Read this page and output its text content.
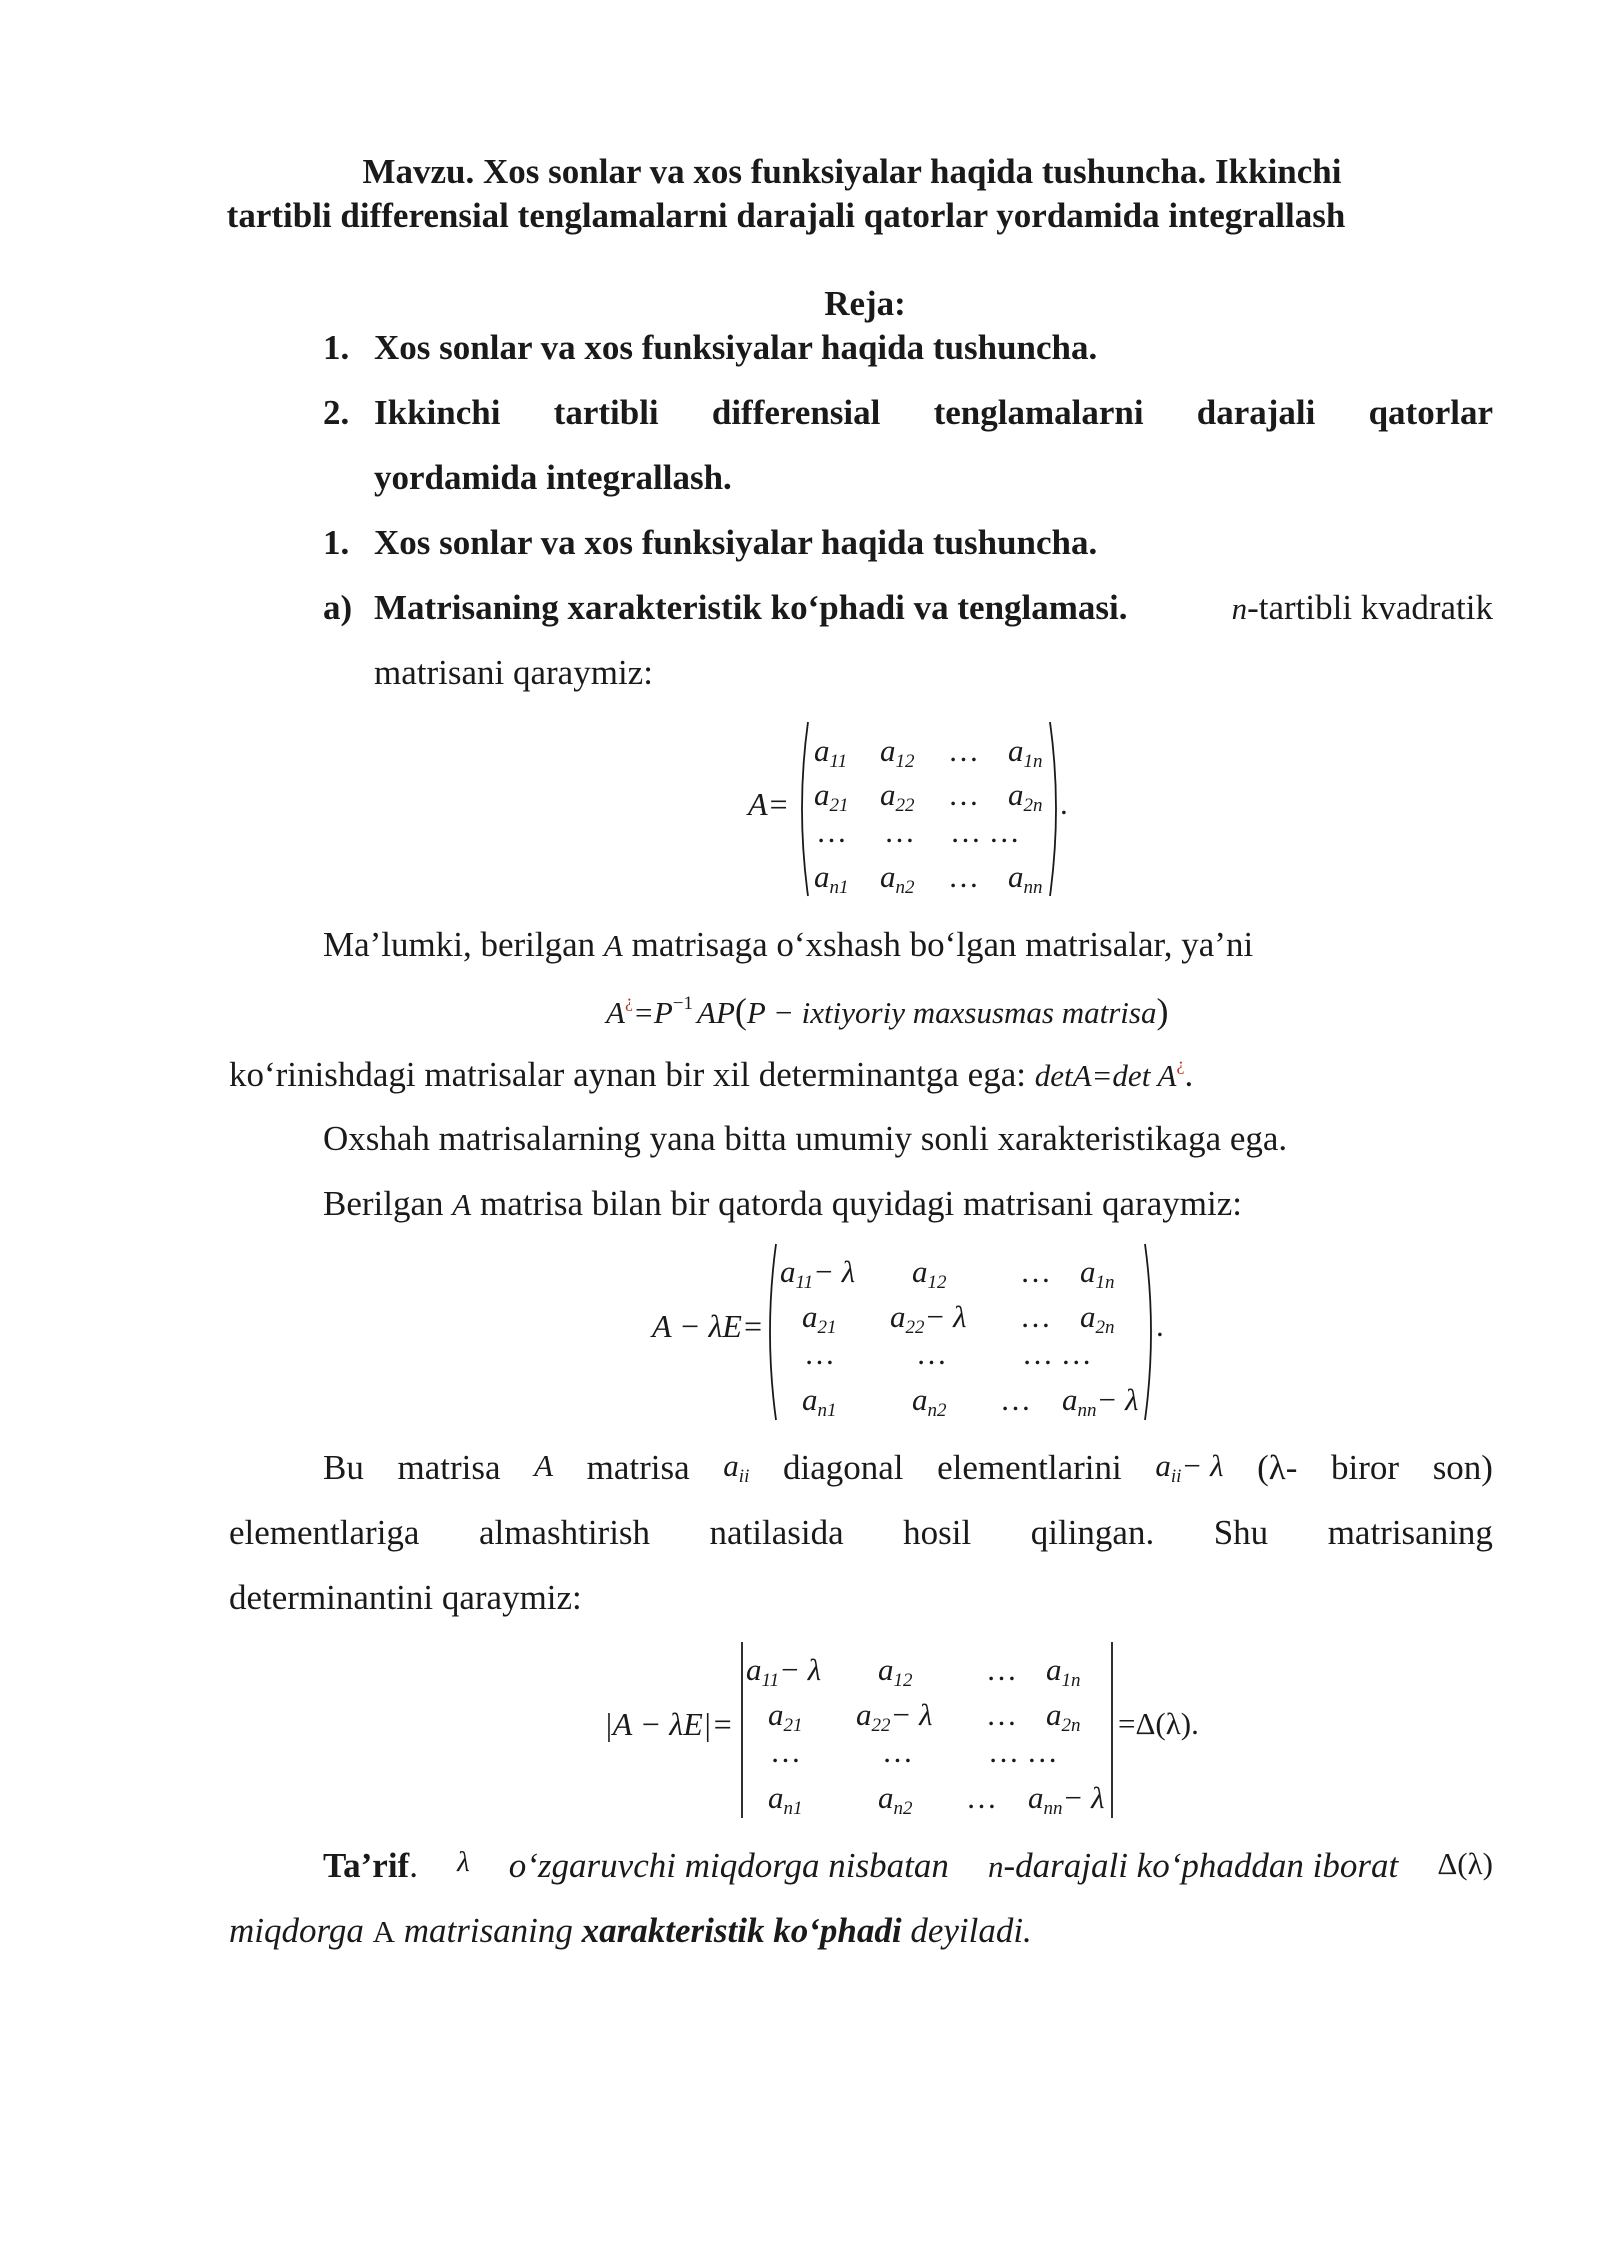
Mavzu. Xos sonlar va xos funksiyalar haqida tushuncha. Ikkinchi
tartibli differensial tenglamalarni darajali qatorlar yordamida integrallash
Reja:
1. Xos sonlar va xos funksiyalar haqida tushuncha.
2. Ikkinchi tartibli differensial tenglamalarni darajali qatorlar
yordamida integrallash.
1. Xos sonlar va xos funksiyalar haqida tushuncha.
a) Matrisaning xarakteristik ko‘phadi va tenglamasi.	n-tartibli kvadratik
matrisani qaraymiz:
A=
$a_{11}$ $a_{12}$ … $a_{1n}$
$a_{21}$ $a_{22}$ … $a_{2n}$
… … … …
$a_{n1}$ $a_{n2}$ … $a_{nn}$
.
Ma’lumki, berilgan A matrisaga o‘xshash bo‘lgan matrisalar, ya’ni
$A^¿=P^{-1}$ AP(P − ixtiyoriy maxsusmas matrisa)
ko‘rinishdagi matrisalar aynan bir xil determinantga ega: detA=det A¿.
Oxshah matrisalarning yana bitta umumiy sonli xarakteristikaga ega.
Berilgan A matrisa bilan bir qatorda quyidagi matrisani qaraymiz:
A − λE=
$a_{11}- \lambda$ $a_{12}$ … $a_{1n}$
$a_{21}$ $a_{22}- \lambda$ … $a_{2n}$
…	… … …
$a_{n1}$ $a_{n2}$ … $a_{nn}- \lambda$
.
Bu matrisa A matrisa $a_{ii}$ diagonal elementlarini $a_{ii}- \lambda$ (λ- biror son)
elementlariga almashtirish natilasida hosil qilingan. Shu matrisaning
determinantini qaraymiz:
|A − λE|=
$a_{11}- \lambda$ $a_{12}$ … $a_{1n}$
$a_{21}$ $a_{22}- \lambda$ … $a_{2n}$
…	… … …
$a_{n1}$ $a_{n2}$ … $a_{nn}- \lambda$
=Δ(λ).
Ta’rif. λ o‘zgaruvchi miqdorga nisbatan n-darajali ko‘phaddan iborat Δ(λ)
miqdorga A matrisaning xarakteristik ko‘phadi deyiladi.
